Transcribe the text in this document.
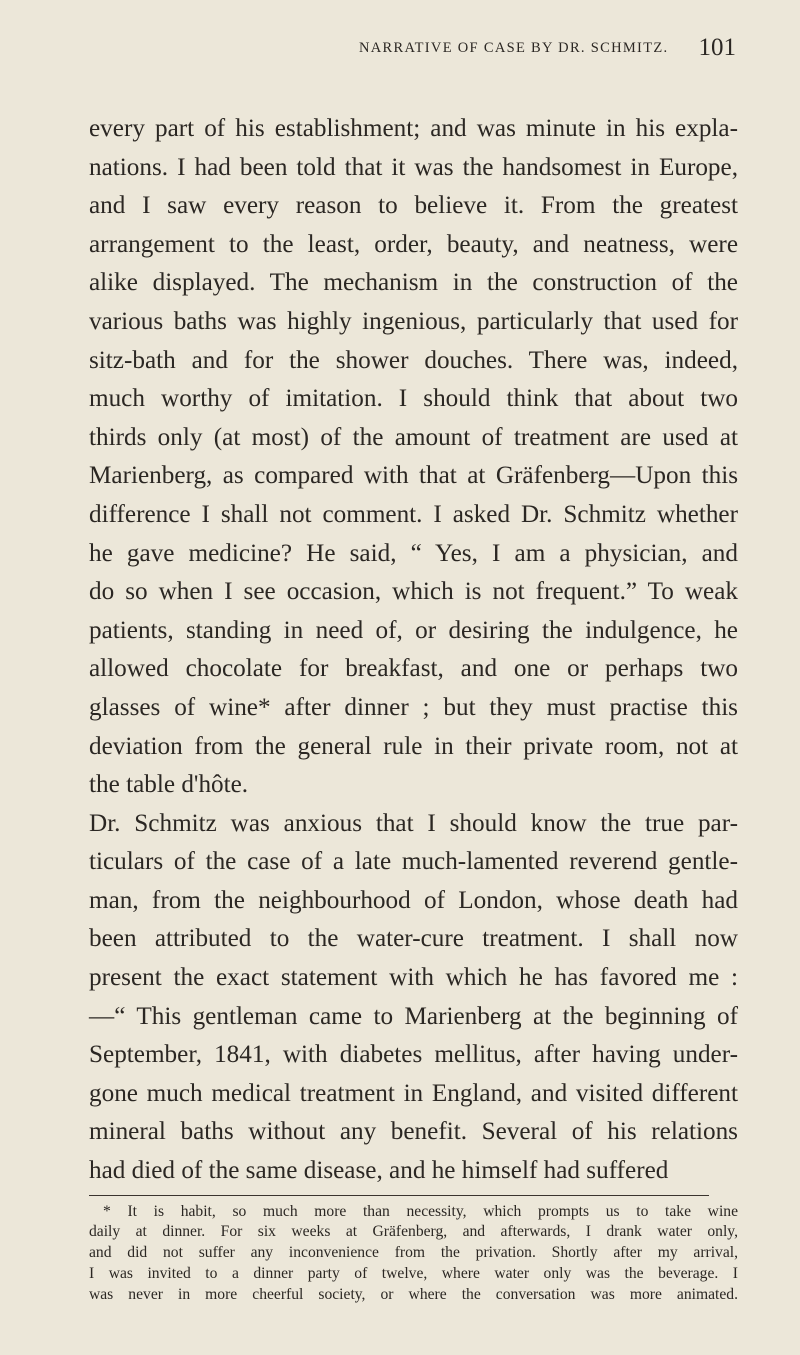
NARRATIVE OF CASE BY DR. SCHMITZ. 101
every part of his establishment; and was minute in his expla-
nations. I had been told that it was the handsomest in Europe,
and I saw every reason to believe it. From the greatest
arrangement to the least, order, beauty, and neatness, were
alike displayed. The mechanism in the construction of the
various baths was highly ingenious, particularly that used for
sitz-bath and for the shower douches. There was, indeed,
much worthy of imitation. I should think that about two
thirds only (at most) of the amount of treatment are used at
Marienberg, as compared with that at Gräfenberg—Upon this
difference I shall not comment. I asked Dr. Schmitz whether
he gave medicine? He said, “ Yes, I am a physician, and
do so when I see occasion, which is not frequent.” To weak
patients, standing in need of, or desiring the indulgence, he
allowed chocolate for breakfast, and one or perhaps two
glasses of wine* after dinner ; but they must practise this
deviation from the general rule in their private room, not at
the table d'hôte.
Dr. Schmitz was anxious that I should know the true par-
ticulars of the case of a late much-lamented reverend gentle-
man, from the neighbourhood of London, whose death had
been attributed to the water-cure treatment. I shall now
present the exact statement with which he has favored me :
—“ This gentleman came to Marienberg at the beginning of
September, 1841, with diabetes mellitus, after having under-
gone much medical treatment in England, and visited different
mineral baths without any benefit. Several of his relations
had died of the same disease, and he himself had suffered
* It is habit, so much more than necessity, which prompts us to take wine
daily at dinner. For six weeks at Gräfenberg, and afterwards, I drank water only,
and did not suffer any inconvenience from the privation. Shortly after my arrival,
I was invited to a dinner party of twelve, where water only was the beverage. I
was never in more cheerful society, or where the conversation was more animated.
